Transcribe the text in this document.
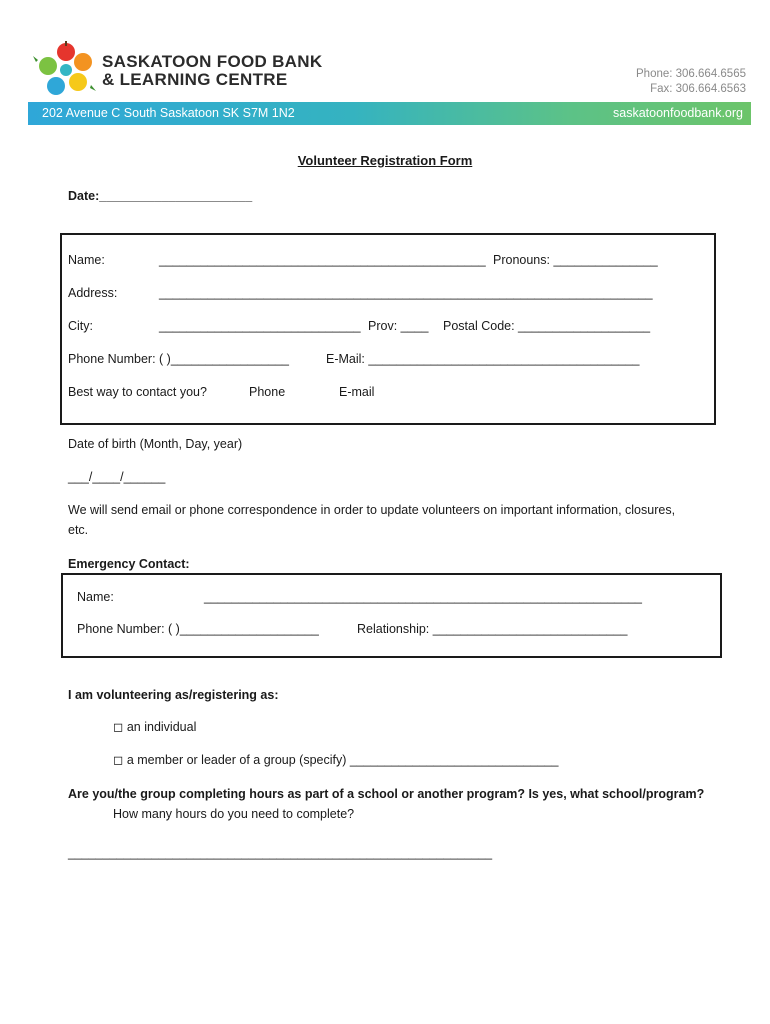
SASKATOON FOOD BANK
& LEARNING CENTRE	Phone: 306.664.6565
Fax: 306.664.6563
202 Avenue C South Saskatoon SK S7M 1N2	saskatoonfoodbank.org
Volunteer Registration Form
Date:______________________
Name:	_______________________________________________ Pronouns: _______________
Address:	_______________________________________________________________________
City:	_____________________________ Prov: ____ Postal Code: ___________________
Phone Number: ( )_________________	E-Mail: _______________________________________
Best way to contact you?	Phone	E-mail
Date of birth (Month, Day, year)
___/____/______
We will send email or phone correspondence in order to update volunteers on important information, closures,
etc.
Emergency Contact:
Name:	_______________________________________________________________
Phone Number: ( )____________________	Relationship: ____________________________
I am volunteering as/registering as:
◻ an individual
◻ a member or leader of a group (specify) ______________________________
Are you/the group completing hours as part of a school or another program? Is yes, what school/program?
How many hours do you need to complete?
_____________________________________________________________
